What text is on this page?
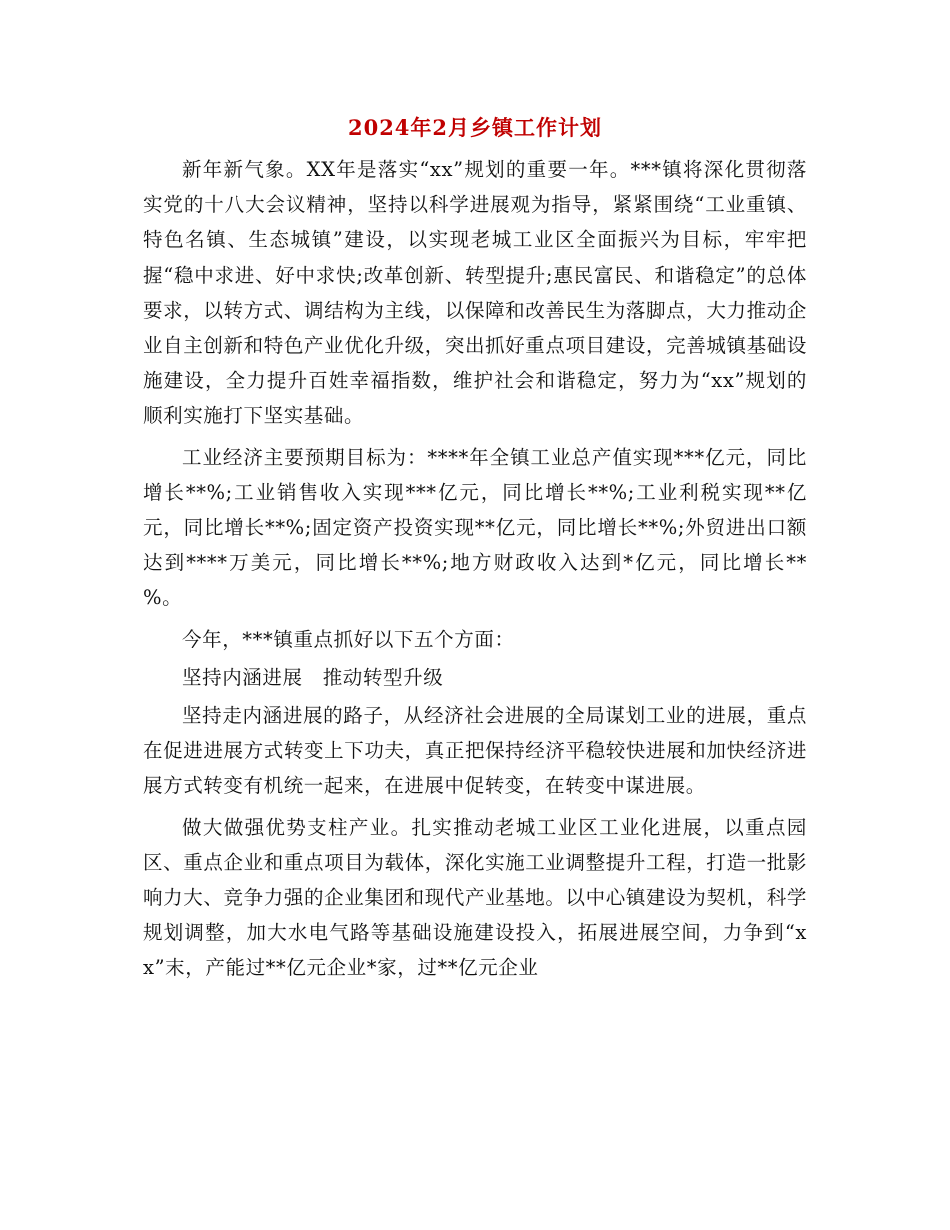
2024年2月乡镇工作计划

新年新气象。XX年是落实“xx”规划的重要一年。***镇将深化贯彻落实党的十八大会议精神，坚持以科学进展观为指导，紧紧围绕“工业重镇、特色名镇、生态城镇”建设，以实现老城工业区全面振兴为目标，牢牢把握“稳中求进、好中求快;改革创新、转型提升;惠民富民、和谐稳定”的总体要求，以转方式、调结构为主线，以保障和改善民生为落脚点，大力推动企业自主创新和特色产业优化升级，突出抓好重点项目建设，完善城镇基础设施建设，全力提升百姓幸福指数，维护社会和谐稳定，努力为“xx”规划的顺利实施打下坚实基础。

工业经济主要预期目标为：****年全镇工业总产值实现***亿元，同比增长**%;工业销售收入实现***亿元，同比增长**%;工业利税实现**亿元，同比增长**%;固定资产投资实现**亿元，同比增长**%;外贸进出口额达到****万美元，同比增长**%;地方财政收入达到*亿元，同比增长** %。

今年，***镇重点抓好以下五个方面：

坚持内涵进展　推动转型升级

坚持走内涵进展的路子，从经济社会进展的全局谋划工业的进展，重点在促进进展方式转变上下功夫，真正把保持经济平稳较快进展和加快经济进展方式转变有机统一起来，在进展中促转变，在转变中谋进展。

做大做强优势支柱产业。扎实推动老城工业区工业化进展，以重点园区、重点企业和重点项目为载体，深化实施工业调整提升工程，打造一批影响力大、竞争力强的企业集团和现代产业基地。以中心镇建设为契机，科学规划调整，加大水电气路等基础设施建设投入，拓展进展空间，力争到“xx”末，产能过**亿元企业*家，过**亿元企业
